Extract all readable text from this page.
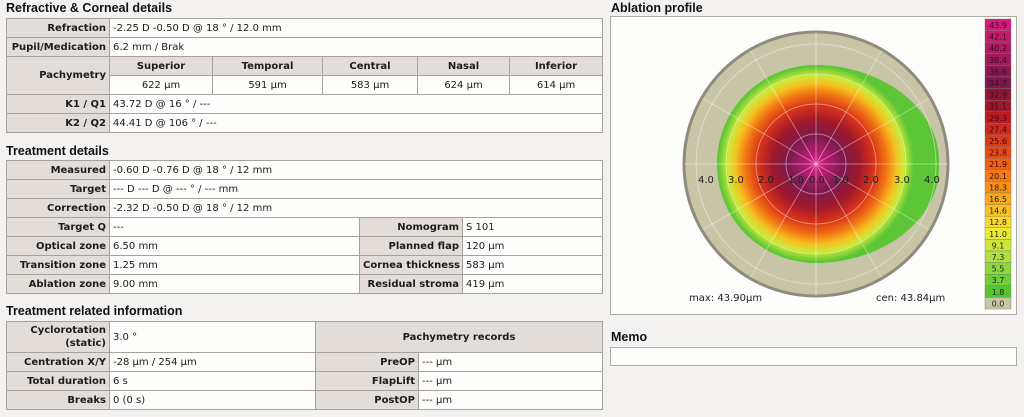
Refractive & Corneal details
Refraction	-2.25 D -0.50 D @ 18 ° / 12.0 mm				
Pupil/Medication	6.2 mm / Brak				
Pachymetry	Superior	Temporal	Central	Nasal	Inferior
	622 µm	591 µm	583 µm	624 µm	614 µm
K1 / Q1	43.72 D @ 16 ° / ---				
K2 / Q2	44.41 D @ 106 ° / ---				
Treatment details
Measured	-0.60 D -0.76 D @ 18 ° / 12 mm		
Target	--- D --- D @ --- ° / --- mm		
Correction	-2.32 D -0.50 D @ 18 ° / 12 mm		
Target Q	---	Nomogram	S 101
Optical zone	6.50 mm	Planned flap	120 µm
Transition zone	1.25 mm	Cornea thickness	583 µm
Ablation zone	9.00 mm	Residual stroma	419 µm
Treatment related information
Cyclorotation (static)	3.0 °	Pachymetry records	
Centration X/Y	-28 µm / 254 µm	PreOP	--- µm
Total duration	6 s	FlapLift	--- µm
Breaks	0 (0 s)	PostOP	--- µm
Ablation profile
4.0 3.0 2.0 1.0 0.0 1.0 2.0 3.0 4.0
max: 43.90µm	cen: 43.84µm
43.9
42.1
40.2
38.4
36.6
34.7
32.9
31.1
29.3
27.4
25.6
23.8
21.9
20.1
18.3
16.5
14.6
12.8
11.0
9.1
7.3
5.5
3.7
1.8
0.0
Memo
